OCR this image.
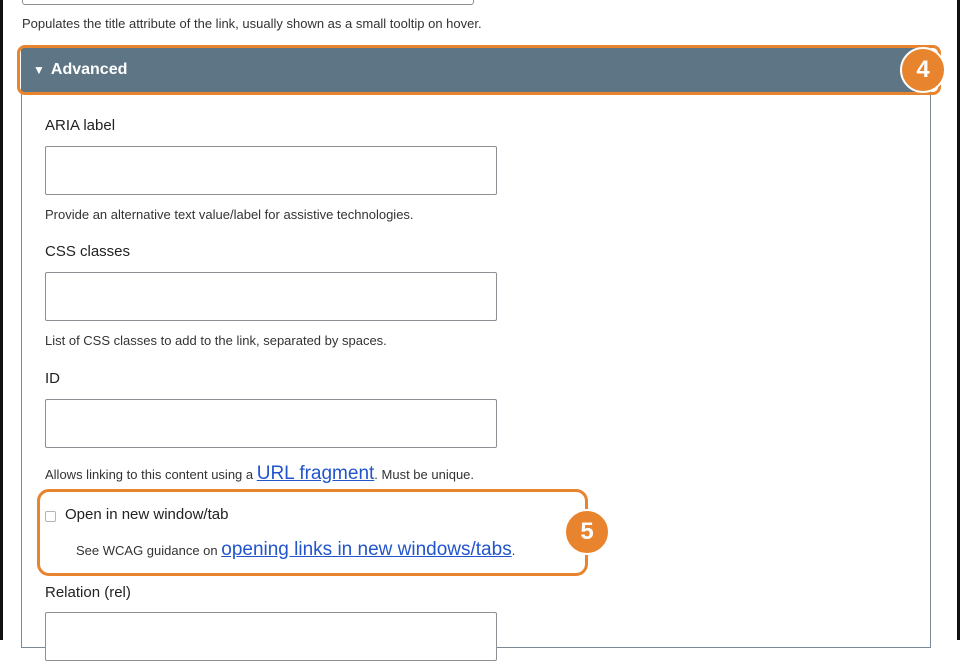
Populates the title attribute of the link, usually shown as a small tooltip on hover.
▼ Advanced	4
ARIA label
Provide an alternative text value/label for assistive technologies.
CSS classes
List of CSS classes to add to the link, separated by spaces.
ID
Allows linking to this content using a URL fragment. Must be unique.
Open in new window/tab
See WCAG guidance on opening links in new windows/tabs.
5
Relation (rel)
